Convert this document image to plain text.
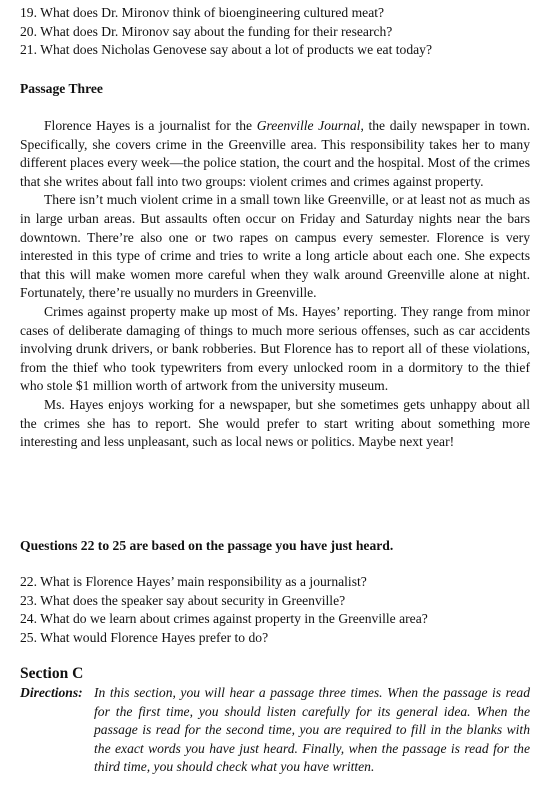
19. What does Dr. Mironov think of bioengineering cultured meat?

20. What does Dr. Mironov say about the funding for their research?

21. What does Nicholas Genovese say about a lot of products we eat today?

Passage Three

Florence Hayes is a journalist for the Greenville Journal, the daily newspaper in town. Specifically, she covers crime in the Greenville area. This responsibility takes her to many different places every week—the police station, the court and the hospital. Most of the crimes that she writes about fall into two groups: violent crimes and crimes against property.

There isn’t much violent crime in a small town like Greenville, or at least not as much as in large urban areas. But assaults often occur on Friday and Saturday nights near the bars downtown. There’re also one or two rapes on campus every semester. Florence is very interested in this type of crime and tries to write a long article about each one. She expects that this will make women more careful when they walk around Greenville alone at night. Fortunately, there’re usually no murders in Greenville.

Crimes against property make up most of Ms. Hayes’ reporting. They range from minor cases of deliberate damaging of things to much more serious offenses, such as car accidents involving drunk drivers, or bank robberies. But Florence has to report all of these violations, from the thief who took typewriters from every unlocked room in a dormitory to the thief who stole $1 million worth of artwork from the university museum.

Ms. Hayes enjoys working for a newspaper, but she sometimes gets unhappy about all the crimes she has to report. She would prefer to start writing about something more interesting and less unpleasant, such as local news or politics. Maybe next year!

Questions 22 to 25 are based on the passage you have just heard.

22. What is Florence Hayes’ main responsibility as a journalist?

23. What does the speaker say about security in Greenville?

24. What do we learn about crimes against property in the Greenville area?

25. What would Florence Hayes prefer to do?

Section C

Directions: In this section, you will hear a passage three times. When the passage is read for the first time, you should listen carefully for its general idea. When the passage is read for the second time, you are required to fill in the blanks with the exact words you have just heard. Finally, when the passage is read for the third time, you should check what you have written.
